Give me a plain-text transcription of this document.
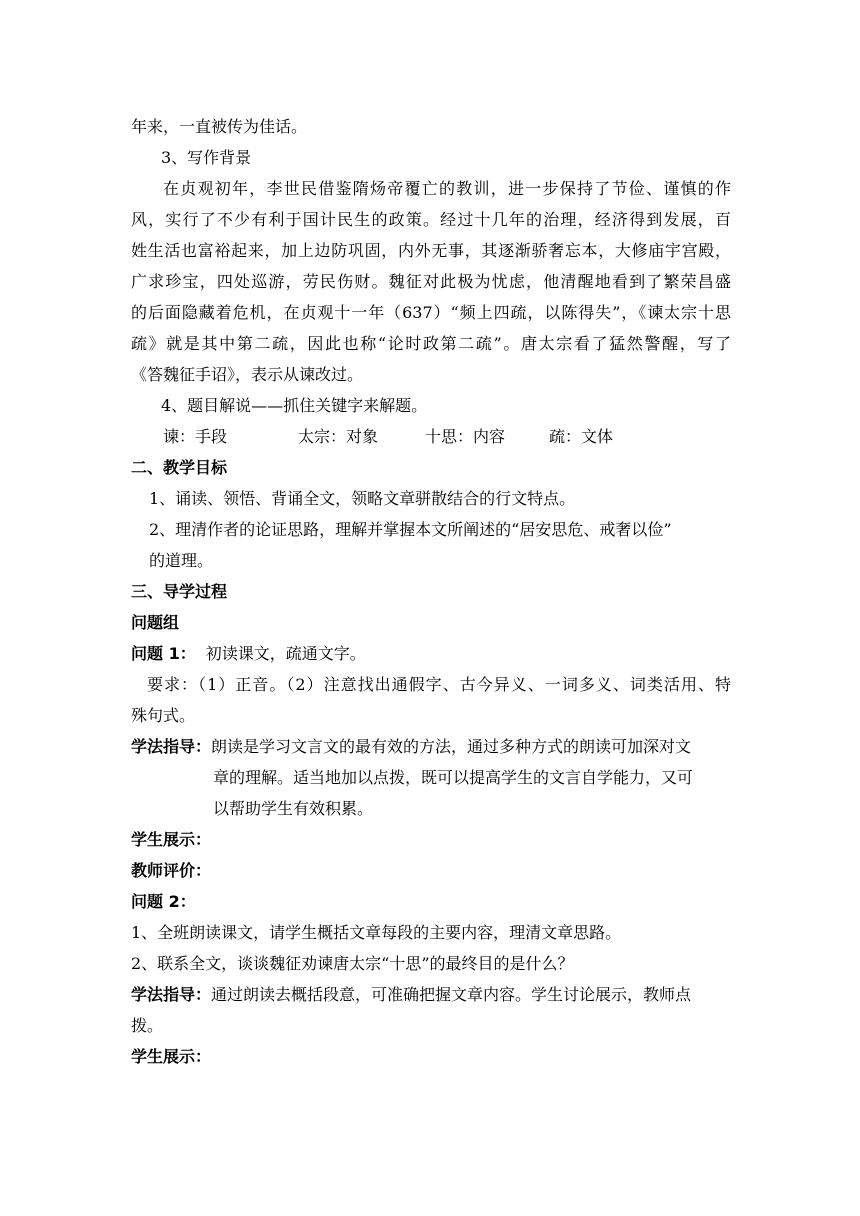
年来，一直被传为佳话。

3、写作背景

在贞观初年，李世民借鉴隋炀帝覆亡的教训，进一步保持了节俭、谨慎的作

风，实行了不少有利于国计民生的政策。经过十几年的治理，经济得到发展，百

姓生活也富裕起来，加上边防巩固，内外无事，其逐渐骄奢忘本，大修庙宇宫殿，

广求珍宝，四处巡游，劳民伤财。魏征对此极为忧虑，他清醒地看到了繁荣昌盛

的后面隐藏着危机，在贞观十一年（637）“频上四疏，以陈得失”，《谏太宗十思

疏》就是其中第二疏，因此也称“论时政第二疏”。唐太宗看了猛然警醒，写了

《答魏征手诏》，表示从谏改过。

4、题目解说——抓住关键字来解题。

谏：手段	太宗：对象	十思：内容	疏：文体

二、教学目标

1、诵读、领悟、背诵全文，领略文章骈散结合的行文特点。

2、理清作者的论证思路，理解并掌握本文所阐述的“居安思危、戒奢以俭”

的道理。

三、导学过程

问题组

问题 1： 初读课文，疏通文字。

要求：（1）正音。（2）注意找出通假字、古今异义、一词多义、词类活用、特

殊句式。

学法指导：朗读是学习文言文的最有效的方法，通过多种方式的朗读可加深对文

章的理解。适当地加以点拨，既可以提高学生的文言自学能力，又可

以帮助学生有效积累。

学生展示：

教师评价：

问题 2：

1、全班朗读课文，请学生概括文章每段的主要内容，理清文章思路。

2、联系全文，谈谈魏征劝谏唐太宗“十思”的最终目的是什么？

学法指导：通过朗读去概括段意，可准确把握文章内容。学生讨论展示，教师点

拨。

学生展示：
